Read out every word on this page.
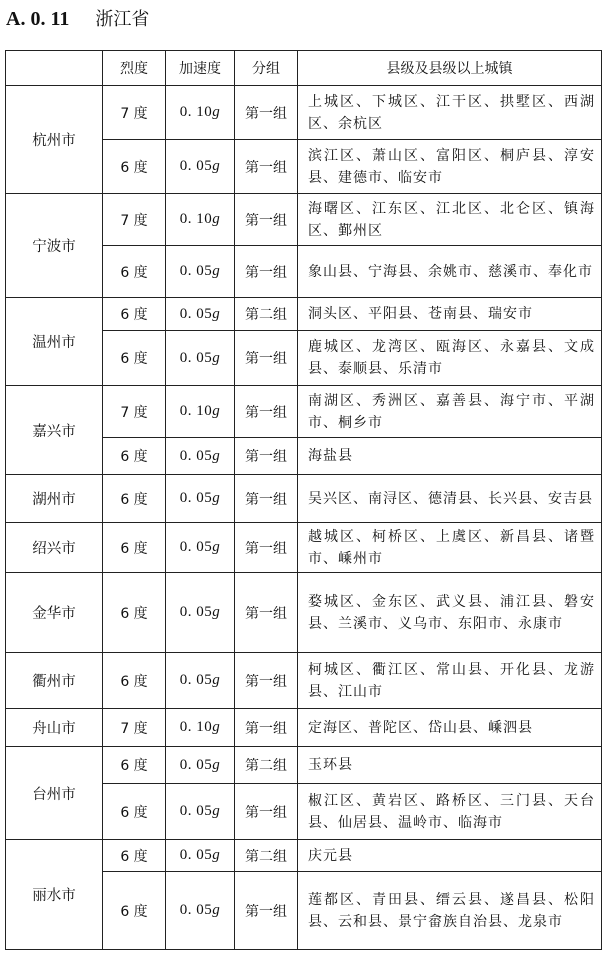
A. 0. 11 浙江省
	烈度	加速度	分组	县级及县级以上城镇
杭州市	7 度	0. 10g	第一组	上城区、下城区、江干区、拱墅区、西湖区、余杭区
	6 度	0. 05g	第一组	滨江区、萧山区、富阳区、桐庐县、淳安县、建德市、临安市
宁波市	7 度	0. 10g	第一组	海曙区、江东区、江北区、北仑区、镇海区、鄞州区
	6 度	0. 05g	第一组	象山县、宁海县、余姚市、慈溪市、奉化市
温州市	6 度	0. 05g	第二组	洞头区、平阳县、苍南县、瑞安市
	6 度	0. 05g	第一组	鹿城区、龙湾区、瓯海区、永嘉县、文成县、泰顺县、乐清市
嘉兴市	7 度	0. 10g	第一组	南湖区、秀洲区、嘉善县、海宁市、平湖市、桐乡市
	6 度	0. 05g	第一组	海盐县
湖州市	6 度	0. 05g	第一组	吴兴区、南浔区、德清县、长兴县、安吉县
绍兴市	6 度	0. 05g	第一组	越城区、柯桥区、上虞区、新昌县、诸暨市、嵊州市
金华市	6 度	0. 05g	第一组	婺城区、金东区、武义县、浦江县、磐安县、兰溪市、义乌市、东阳市、永康市
衢州市	6 度	0. 05g	第一组	柯城区、衢江区、常山县、开化县、龙游县、江山市
舟山市	7 度	0. 10g	第一组	定海区、普陀区、岱山县、嵊泗县
台州市	6 度	0. 05g	第二组	玉环县
	6 度	0. 05g	第一组	椒江区、黄岩区、路桥区、三门县、天台县、仙居县、温岭市、临海市
丽水市	6 度	0. 05g	第二组	庆元县
	6 度	0. 05g	第一组	莲都区、青田县、缙云县、遂昌县、松阳县、云和县、景宁畲族自治县、龙泉市
